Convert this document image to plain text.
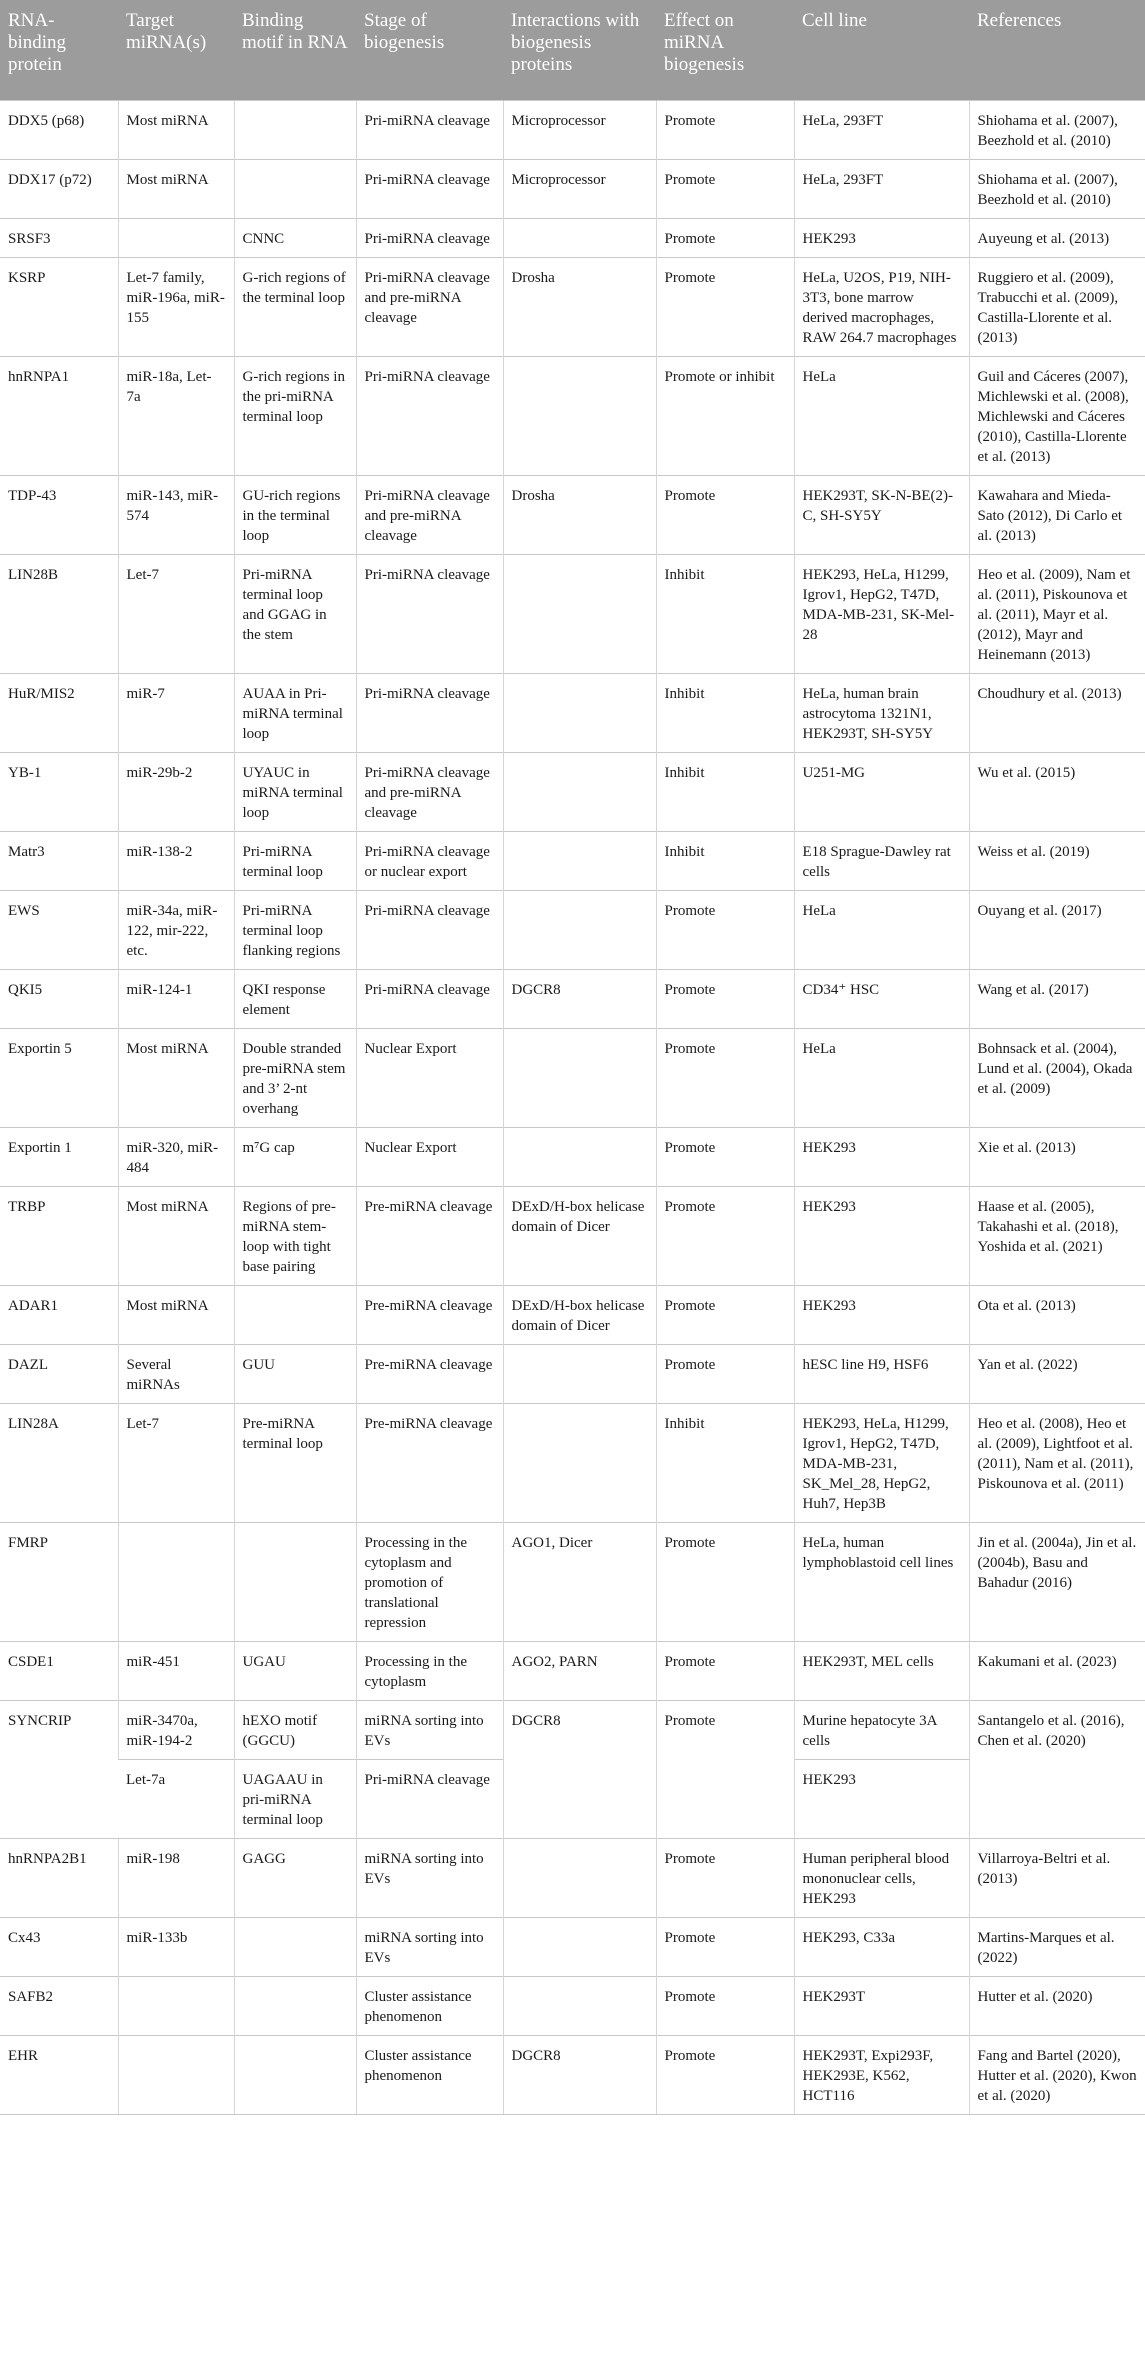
RNA-binding protein	Target miRNA(s)	Binding motif in RNA	Stage of biogenesis	Interactions with biogenesis proteins	Effect on miRNA biogenesis	Cell line	References
DDX5 (p68)	Most miRNA		Pri-miRNA cleavage	Microprocessor	Promote	HeLa, 293FT	Shiohama et al. (2007), Beezhold et al. (2010)
DDX17 (p72)	Most miRNA		Pri-miRNA cleavage	Microprocessor	Promote	HeLa, 293FT	Shiohama et al. (2007), Beezhold et al. (2010)
SRSF3		CNNC	Pri-miRNA cleavage		Promote	HEK293	Auyeung et al. (2013)
KSRP	Let-7 family, miR-196a, miR-155	G-rich regions of the terminal loop	Pri-miRNA cleavage and pre-miRNA cleavage	Drosha	Promote	HeLa, U2OS, P19, NIH-3T3, bone marrow derived macrophages, RAW 264.7 macrophages	Ruggiero et al. (2009), Trabucchi et al. (2009), Castilla-Llorente et al. (2013)
hnRNPA1	miR-18a, Let-7a	G-rich regions in the pri-miRNA terminal loop	Pri-miRNA cleavage		Promote or inhibit	HeLa	Guil and Cáceres (2007), Michlewski et al. (2008), Michlewski and Cáceres (2010), Castilla-Llorente et al. (2013)
TDP-43	miR-143, miR-574	GU-rich regions in the terminal loop	Pri-miRNA cleavage and pre-miRNA cleavage	Drosha	Promote	HEK293T, SK-N-BE(2)-C, SH-SY5Y	Kawahara and Mieda-Sato (2012), Di Carlo et al. (2013)
LIN28B	Let-7	Pri-miRNA terminal loop and GGAG in the stem	Pri-miRNA cleavage		Inhibit	HEK293, HeLa, H1299, Igrov1, HepG2, T47D, MDA-MB-231, SK-Mel-28	Heo et al. (2009), Nam et al. (2011), Piskounova et al. (2011), Mayr et al. (2012), Mayr and Heinemann (2013)
HuR/MIS2	miR-7	AUAA in Pri-miRNA terminal loop	Pri-miRNA cleavage		Inhibit	HeLa, human brain astrocytoma 1321N1, HEK293T, SH-SY5Y	Choudhury et al. (2013)
YB-1	miR-29b-2	UYAUC in miRNA terminal loop	Pri-miRNA cleavage and pre-miRNA cleavage		Inhibit	U251-MG	Wu et al. (2015)
Matr3	miR-138-2	Pri-miRNA terminal loop	Pri-miRNA cleavage or nuclear export		Inhibit	E18 Sprague-Dawley rat cells	Weiss et al. (2019)
EWS	miR-34a, miR-122, mir-222, etc.	Pri-miRNA terminal loop flanking regions	Pri-miRNA cleavage		Promote	HeLa	Ouyang et al. (2017)
QKI5	miR-124-1	QKI response element	Pri-miRNA cleavage	DGCR8	Promote	CD34⁺ HSC	Wang et al. (2017)
Exportin 5	Most miRNA	Double stranded pre-miRNA stem and 3’ 2-nt overhang	Nuclear Export		Promote	HeLa	Bohnsack et al. (2004), Lund et al. (2004), Okada et al. (2009)
Exportin 1	miR-320, miR-484	m⁷G cap	Nuclear Export		Promote	HEK293	Xie et al. (2013)
TRBP	Most miRNA	Regions of pre-miRNA stem-loop with tight base pairing	Pre-miRNA cleavage	DExD/H-box helicase domain of Dicer	Promote	HEK293	Haase et al. (2005), Takahashi et al. (2018), Yoshida et al. (2021)
ADAR1	Most miRNA		Pre-miRNA cleavage	DExD/H-box helicase domain of Dicer	Promote	HEK293	Ota et al. (2013)
DAZL	Several miRNAs	GUU	Pre-miRNA cleavage		Promote	hESC line H9, HSF6	Yan et al. (2022)
LIN28A	Let-7	Pre-miRNA terminal loop	Pre-miRNA cleavage		Inhibit	HEK293, HeLa, H1299, Igrov1, HepG2, T47D, MDA-MB-231, SK_Mel_28, HepG2, Huh7, Hep3B	Heo et al. (2008), Heo et al. (2009), Lightfoot et al. (2011), Nam et al. (2011), Piskounova et al. (2011)
FMRP			Processing in the cytoplasm and promotion of translational repression	AGO1, Dicer	Promote	HeLa, human lymphoblastoid cell lines	Jin et al. (2004a), Jin et al. (2004b), Basu and Bahadur (2016)
CSDE1	miR-451	UGAU	Processing in the cytoplasm	AGO2, PARN	Promote	HEK293T, MEL cells	Kakumani et al. (2023)
SYNCRIP	miR-3470a, miR-194-2	hEXO motif (GGCU)	miRNA sorting into EVs	DGCR8	Promote	Murine hepatocyte 3A cells	Santangelo et al. (2016), Chen et al. (2020)
	Let-7a	UAGAAU in pri-miRNA terminal loop	Pri-miRNA cleavage			HEK293	
hnRNPA2B1	miR-198	GAGG	miRNA sorting into EVs		Promote	Human peripheral blood mononuclear cells, HEK293	Villarroya-Beltri et al. (2013)
Cx43	miR-133b		miRNA sorting into EVs		Promote	HEK293, C33a	Martins-Marques et al. (2022)
SAFB2			Cluster assistance phenomenon		Promote	HEK293T	Hutter et al. (2020)
EHR			Cluster assistance phenomenon	DGCR8	Promote	HEK293T, Expi293F, HEK293E, K562, HCT116	Fang and Bartel (2020), Hutter et al. (2020), Kwon et al. (2020)
